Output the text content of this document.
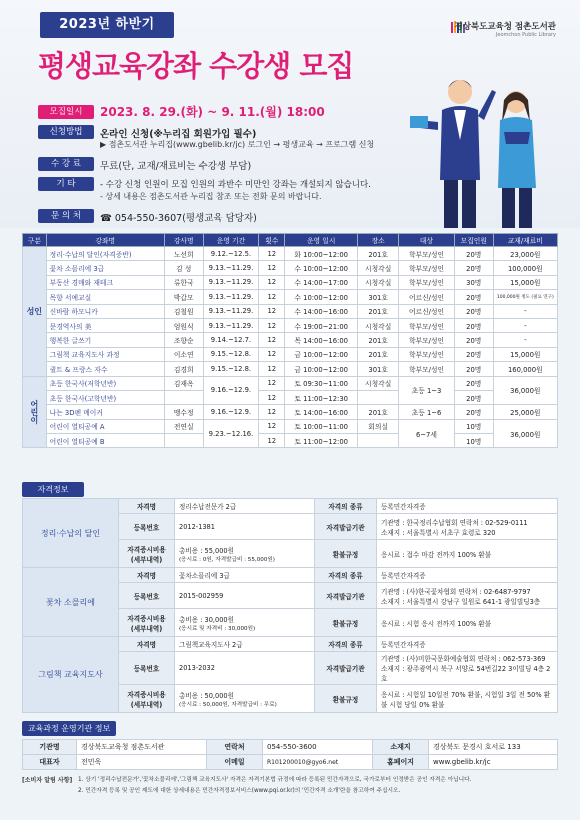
2023년 하반기	경상북도교육청 점촌도서관
Jeomchon Public Library
평생교육강좌 수강생 모집
모집일시	2023. 8. 29.(화) ~ 9. 11.(월) 18:00
신청방법	온라인 신청(※누리집 회원가입 필수)
▶ 점촌도서관 누리집(www.gbelib.kr/jc) 로그인 → 평생교육 → 프로그램 신청
수 강 료	무료(단, 교재/재료비는 수강생 부담)
기 타	- 수강 신청 인원이 모집 인원의 과반수 미만인 강좌는 개설되지 않습니다.
- 상세 내용은 점촌도서관 누리집 참조 또는 전화 문의 바랍니다.
문 의 처	☎ 054-550-3607(평생교육 담당자)
구분	강좌명	강사명	운영 기간	횟수	운영 일시	장소	대상	모집인원	교재/재료비
성인	정리·수납의 달인(자격증반)	노선희	9.12.~12.5.	12	화 10:00~12:00	201호	학부모/성인	20명	23,000원
	꽃차 소믈리에 3급	김 성	9.13.~11.29.	12	수 10:00~12:00	시청각실	학부모/성인	20명	100,000원
	부동산 경매와 재테크	류한국	9.13.~11.29.	12	수 14:00~17:00	시청각실	학부모/성인	30명	15,000원
	목향 서예교실	박갑모	9.13.~11.29.	12	수 10:00~12:00	301호	어르신/성인	20명	100,000원 정도 (필요 연구)
	신바람 하모니카	김철원	9.13.~11.29.	12	수 14:00~16:00	201호	어르신/성인	20명	-
	문경역사의 美	엄원식	9.13.~11.29.	12	수 19:00~21:00	시청각실	학부모/성인	20명	-
	행복한 글쓰기	조향순	9.14.~12.7.	12	목 14:00~16:00	201호	학부모/성인	20명	-
	그림책 교육지도사 과정	이소연	9.15.~12.8.	12	금 10:00~12:00	201호	학부모/성인	20명	15,000원
	퀼트 & 프랑스 자수	김경희	9.15.~12.8.	12	금 10:00~12:00	301호	학부모/성인	20명	160,000원
어린이	초등 한국사(저학년반)	김재옥	9.16.~12.9.	12	토 09:30~11:00	시청각실	초등 1~3	20명	36,000원
	초등 한국사(고학년반)			12	토 11:00~12:30			20명	
	나는 3D펜 메이커	맹수정	9.16.~12.9.	12	토 14:00~16:00	201호	초등 1~6	20명	25,000원
	어린이 열티공예 A	전연실	9.23.~12.16.	12	토 10:00~11:00	회의실	6~7세	10명	36,000원
	어린이 열티공예 B			12	토 11:00~12:00			10명	
자격정보
정리·수납의 달인	자격명	정리수납전문가 2급	자격의 종류	등록민간자격증
	등록번호	2012-1381	자격발급기관	기관명 : 한국정리수납협회 연락처 : 02-529-0111
소재지 : 서울특별시 서초구 효령로 320

	자격증시비용 (세부내역)	총비용 : 55,000원
(응시료 : 0원, 자격발급비 : 55,000원)	환불규정	응시료 : 접수 마감 전까지 100% 환불
꽃차 소믈리에	자격명	꽃차소믈리에 3급	자격의 종류	등록민간자격증
	등록번호	2015-002959	자격발급기관	기관명 : (사)한국꽃차협회 연락처 : 02-6487-9797
소재지 : 서울특별시 강남구 일원로 641-1 광일빌딩3층

	자격증시비용 (세부내역)	총비용 : 30,000원
(응시료 및 자격비 : 30,000원)	환불규정	응시료 : 시험 응시 전까지 100% 환불
그림책 교육지도사	자격명	그림책교육지도사 2급	자격의 종류	등록민간자격증
	등록번호	2013-2032	자격발급기관	기관명 : (사)미한국문화예술협회 연락처 : 062-573-369
소재지 : 광주광역시 북구 서양로 54번길22 3이빌딩 4층 2호

	자격증시비용 (세부내역)	총비용 : 50,000원
(응시료 : 50,000원, 자격발급비 : 무료)	환불규정	응시료 : 시험일 10일전 70% 환불, 시험일 3일 전 50% 환불 시험 당일 0% 환불
교육과정 운영기관 정보
기관명	경상북도교육청 점촌도서관	연락처	054-550-3600	소재지	경상북도 문경시 호서로 133
대표자	전민욱	이메일	R101200010@gyo6.net	홈페이지	www.gbelib.kr/jc
[소비자 알림 사항] 1. 상기 '정리수납전문가','꽃차소믈리에','그림책 교육지도사' 자격은 자격기본법 규정에 따라 등록된 민간자격으로, 국가로부터 인정받은 공인 자격은 아닙니다.
2. 민간자격 등록 및 공인 제도에 대한 상세내용은 민간자격정보서비스(www.pqi.or.kr)의 '민간자격 소개'란을 참고하여 주십시오.
